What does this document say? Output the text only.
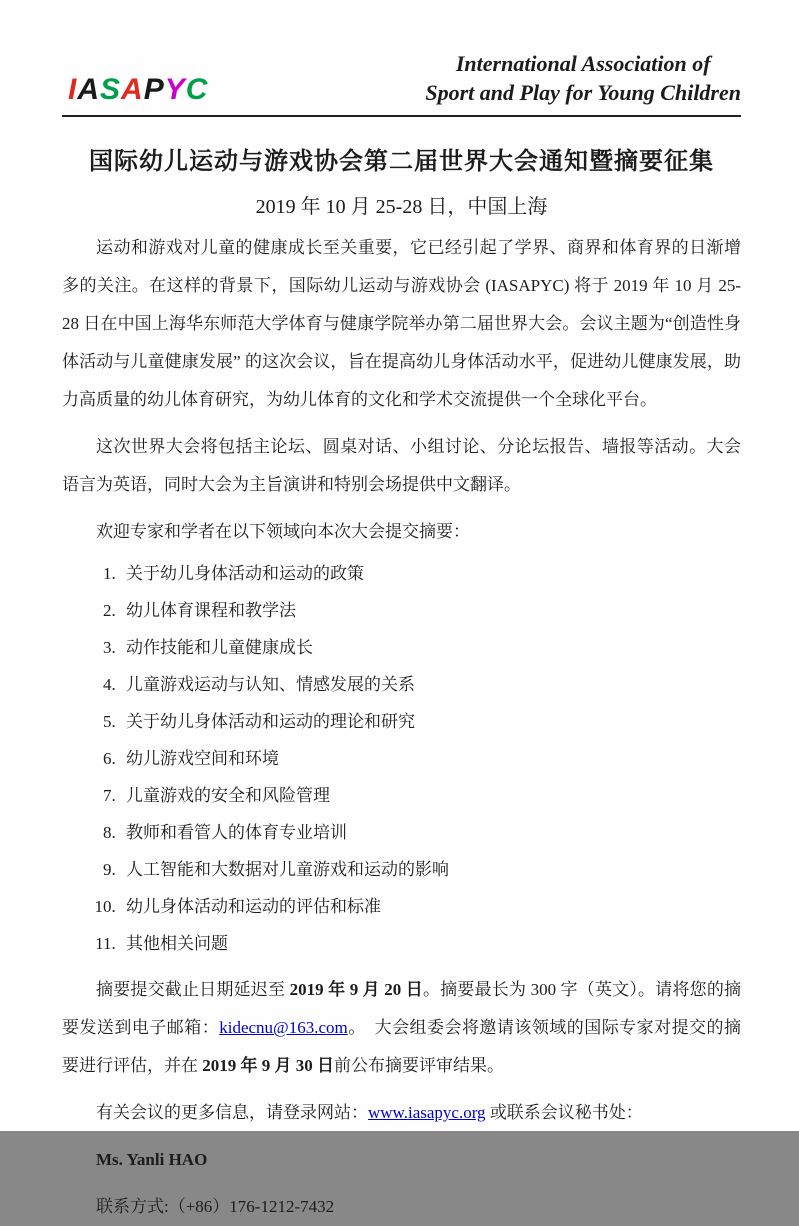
IASAPYC
International Association of
Sport and Play for Young Children
国际幼儿运动与游戏协会第二届世界大会通知暨摘要征集
2019 年 10 月 25-28 日，中国上海

运动和游戏对儿童的健康成长至关重要，它已经引起了学界、商界和体育界的日渐增多的关注。在这样的背景下，国际幼儿运动与游戏协会 (IASAPYC) 将于 2019 年 10 月 25-28 日在中国上海华东师范大学体育与健康学院举办第二届世界大会。会议主题为“创造性身体活动与儿童健康发展” 的这次会议，旨在提高幼儿身体活动水平，促进幼儿健康发展，助力高质量的幼儿体育研究，为幼儿体育的文化和学术交流提供一个全球化平台。

这次世界大会将包括主论坛、圆桌对话、小组讨论、分论坛报告、墙报等活动。大会语言为英语，同时大会为主旨演讲和特别会场提供中文翻译。

欢迎专家和学者在以下领域向本次大会提交摘要：

1. 关于幼儿身体活动和运动的政策
2. 幼儿体育课程和教学法
3. 动作技能和儿童健康成长
4. 儿童游戏运动与认知、情感发展的关系
5. 关于幼儿身体活动和运动的理论和研究
6. 幼儿游戏空间和环境
7. 儿童游戏的安全和风险管理
8. 教师和看管人的体育专业培训
9. 人工智能和大数据对儿童游戏和运动的影响
10. 幼儿身体活动和运动的评估和标准
11. 其他相关问题

摘要提交截止日期延迟至 2019 年 9 月 20 日。摘要最长为 300 字（英文）。请将您的摘要发送到电子邮箱：kidecnu@163.com。　大会组委会将邀请该领域的国际专家对提交的摘要进行评估，并在 2019 年 9 月 30 日前公布摘要评审结果。

有关会议的更多信息，请登录网站：www.iasapyc.org 或联系会议秘书处：

Ms. Yanli HAO

联系方式:（+86）176-1212-7432
